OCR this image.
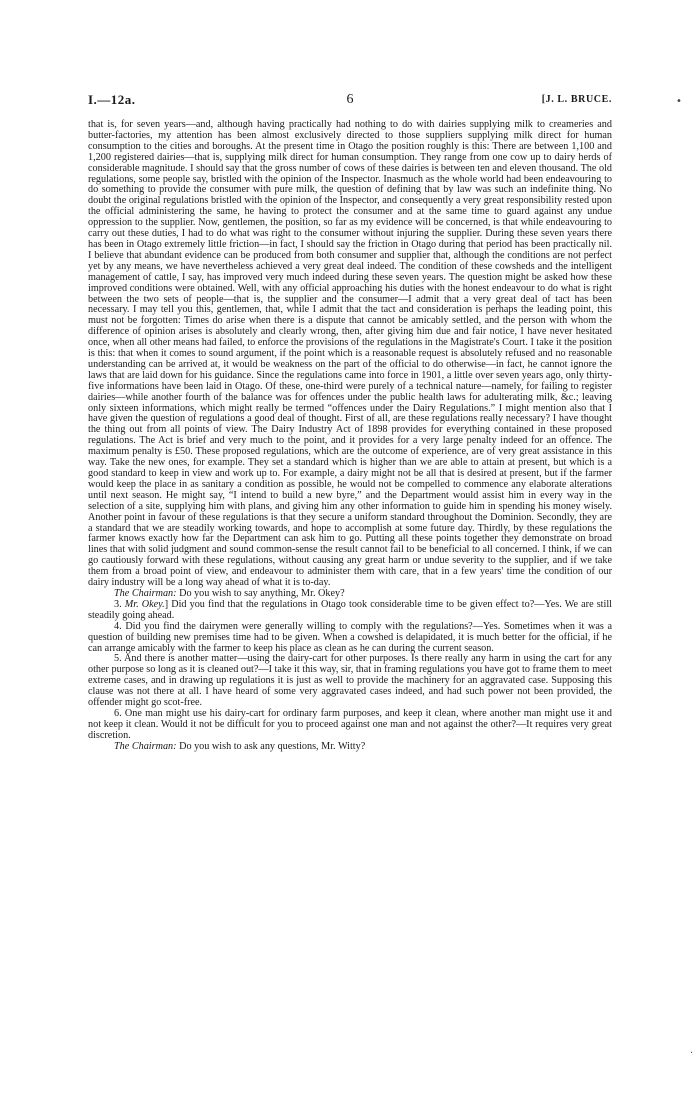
I.—12a.	6	[J. L. BRUCE.

that is, for seven years—and, although having practically had nothing to do with dairies supplying milk to creameries and butter-factories, my attention has been almost exclusively directed to those suppliers supplying milk direct for human consumption to the cities and boroughs. At the present time in Otago the position roughly is this: There are between 1,100 and 1,200 registered dairies—that is, supplying milk direct for human consumption. They range from one cow up to dairy herds of considerable magnitude. I should say that the gross number of cows of these dairies is between ten and eleven thousand. The old regulations, some people say, bristled with the opinion of the Inspector. Inasmuch as the whole world had been endeavouring to do something to provide the consumer with pure milk, the question of defining that by law was such an indefinite thing. No doubt the original regulations bristled with the opinion of the Inspector, and consequently a very great responsibility rested upon the official administering the same, he having to protect the consumer and at the same time to guard against any undue oppression to the supplier. Now, gentlemen, the position, so far as my evidence will be concerned, is that while endeavouring to carry out these duties, I had to do what was right to the consumer without injuring the supplier. During these seven years there has been in Otago extremely little friction—in fact, I should say the friction in Otago during that period has been practically nil. I believe that abundant evidence can be produced from both consumer and supplier that, although the conditions are not perfect yet by any means, we have nevertheless achieved a very great deal indeed. The condition of these cowsheds and the intelligent management of cattle, I say, has improved very much indeed during these seven years. The question might be asked how these improved conditions were obtained. Well, with any official approaching his duties with the honest endeavour to do what is right between the two sets of people—that is, the supplier and the consumer—I admit that a very great deal of tact has been necessary. I may tell you this, gentlemen, that, while I admit that the tact and consideration is perhaps the leading point, this must not be forgotten: Times do arise when there is a dispute that cannot be amicably settled, and the person with whom the difference of opinion arises is absolutely and clearly wrong, then, after giving him due and fair notice, I have never hesitated once, when all other means had failed, to enforce the provisions of the regulations in the Magistrate's Court. I take it the position is this: that when it comes to sound argument, if the point which is a reasonable request is absolutely refused and no reasonable understanding can be arrived at, it would be weakness on the part of the official to do otherwise—in fact, he cannot ignore the laws that are laid down for his guidance. Since the regulations came into force in 1901, a little over seven years ago, only thirty-five informations have been laid in Otago. Of these, one-third were purely of a technical nature—namely, for failing to register dairies—while another fourth of the balance was for offences under the public health laws for adulterating milk, &c.; leaving only sixteen informations, which might really be termed “offences under the Dairy Regulations.” I might mention also that I have given the question of regulations a good deal of thought. First of all, are these regulations really necessary? I have thought the thing out from all points of view. The Dairy Industry Act of 1898 provides for everything contained in these proposed regulations. The Act is brief and very much to the point, and it provides for a very large penalty indeed for an offence. The maximum penalty is £50. These proposed regulations, which are the outcome of experience, are of very great assistance in this way. Take the new ones, for example. They set a standard which is higher than we are able to attain at present, but which is a good standard to keep in view and work up to. For example, a dairy might not be all that is desired at present, but if the farmer would keep the place in as sanitary a condition as possible, he would not be compelled to commence any elaborate alterations until next season. He might say, “I intend to build a new byre,” and the Department would assist him in every way in the selection of a site, supplying him with plans, and giving him any other information to guide him in spending his money wisely. Another point in favour of these regulations is that they secure a uniform standard throughout the Dominion. Secondly, they are a standard that we are steadily working towards, and hope to accomplish at some future day. Thirdly, by these regulations the farmer knows exactly how far the Department can ask him to go. Putting all these points together they demonstrate on broad lines that with solid judgment and sound common-sense the result cannot fail to be beneficial to all concerned. I think, if we can go cautiously forward with these regulations, without causing any great harm or undue severity to the supplier, and if we take them from a broad point of view, and endeavour to administer them with care, that in a few years' time the condition of our dairy industry will be a long way ahead of what it is to-day.

The Chairman: Do you wish to say anything, Mr. Okey?

3. Mr. Okey.] Did you find that the regulations in Otago took considerable time to be given effect to?—Yes. We are still steadily going ahead.

4. Did you find the dairymen were generally willing to comply with the regulations?—Yes. Sometimes when it was a question of building new premises time had to be given. When a cowshed is delapidated, it is much better for the official, if he can arrange amicably with the farmer to keep his place as clean as he can during the current season.

5. And there is another matter—using the dairy-cart for other purposes. Is there really any harm in using the cart for any other purpose so long as it is cleaned out?—I take it this way, sir, that in framing regulations you have got to frame them to meet extreme cases, and in drawing up regulations it is just as well to provide the machinery for an aggravated case. Supposing this clause was not there at all. I have heard of some very aggravated cases indeed, and had such power not been provided, the offender might go scot-free.

6. One man might use his dairy-cart for ordinary farm purposes, and keep it clean, where another man might use it and not keep it clean. Would it not be difficult for you to proceed against one man and not against the other?—It requires very great discretion.

The Chairman: Do you wish to ask any questions, Mr. Witty?

•
·
